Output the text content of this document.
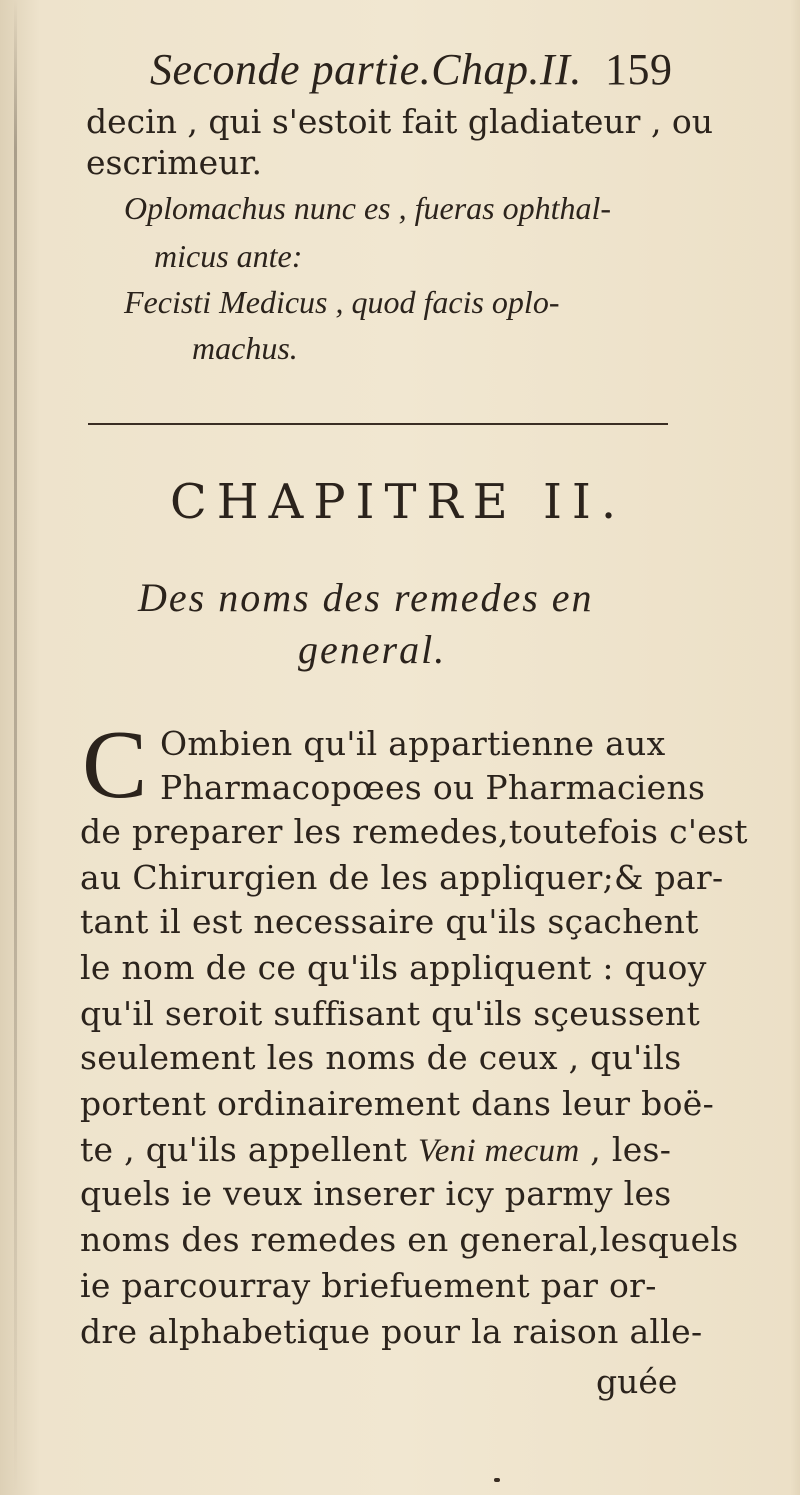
Seconde partie.Chap.II. 159
decin , qui s'estoit fait gladiateur , ou
escrimeur.
Oplomachus nunc es , fueras ophthal-
micus ante:
Fecisti Medicus , quod facis oplo-
machus.
CHAPITRE II.
Des noms des remedes en
general.
C Ombien qu'il appartienne aux
Pharmacopœes ou Pharmaciens
de preparer les remedes,toutefois c'est
au Chirurgien de les appliquer;& par-
tant il est necessaire qu'ils sçachent
le nom de ce qu'ils appliquent : quoy
qu'il seroit suffisant qu'ils sçeussent
seulement les noms de ceux , qu'ils
portent ordinairement dans leur boë-
te , qu'ils appellent Veni mecum , les-
quels ie veux inserer icy parmy les
noms des remedes en general,lesquels
ie parcourray briefuement par or-
dre alphabetique pour la raison alle-
guée
